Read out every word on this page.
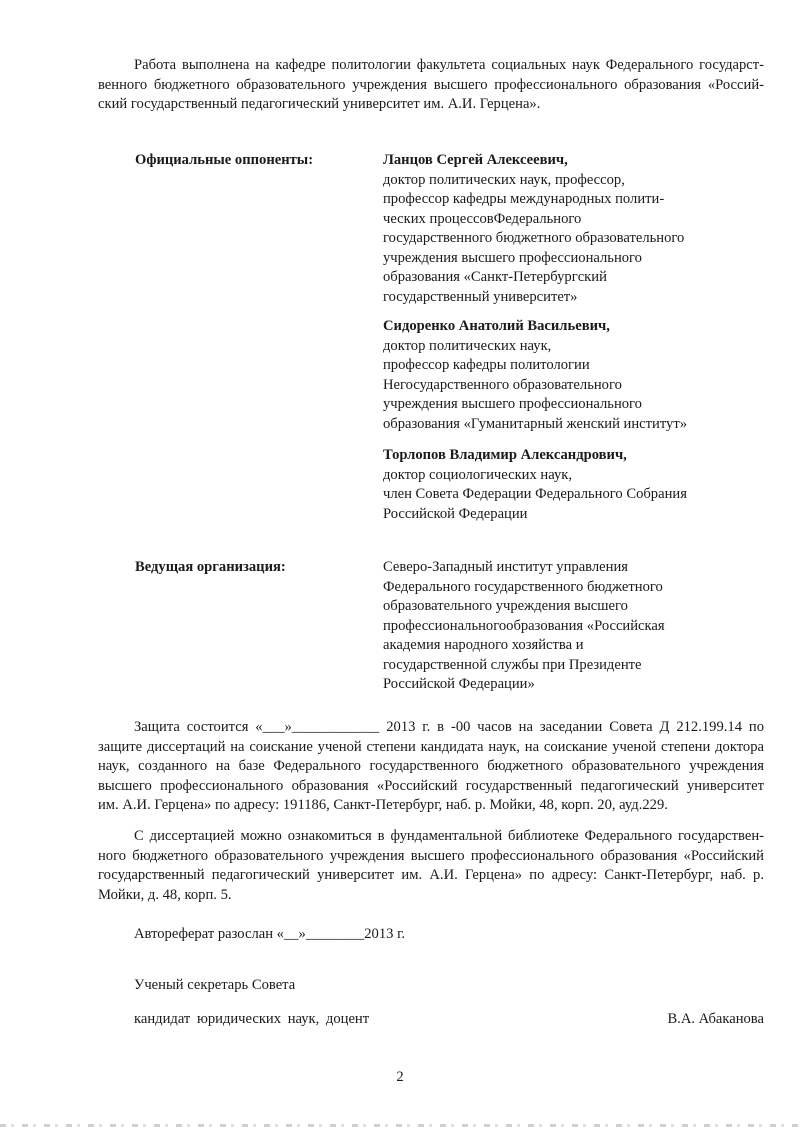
Работа выполнена на кафедре политологии факультета социальных наук Федерального государст-
венного бюджетного образовательного учреждения высшего профессионального образования «Россий-
ский государственный педагогический университет им. А.И. Герцена».

Официальные оппоненты:	Ланцов Сергей Алексеевич,
доктор политических наук, профессор,
профессор кафедры международных полити-
ческих процессовФедерального
государственного бюджетного образовательного
учреждения высшего профессионального
образования «Санкт-Петербургский
государственный университет»
Сидоренко Анатолий Васильевич,
доктор политических наук,
профессор кафедры политологии
Негосударственного образовательного
учреждения высшего профессионального
образования «Гуманитарный женский институт»
Торлопов Владимир Александрович,
доктор социологических наук,
член Совета Федерации Федерального Собрания
Российской Федерации

Ведущая организация:	Северо-Западный институт управления
Федерального государственного бюджетного
образовательного учреждения высшего
профессиональногообразования «Российская
академия народного хозяйства и
государственной службы при Президенте
Российской Федерации»
Защита состоится «___»____________ 2013 г. в -00 часов на заседании Совета Д 212.199.14 по
защите диссертаций на соискание ученой степени кандидата наук, на соискание ученой степени доктора
наук, созданного на базе Федерального государственного бюджетного образовательного учреждения
высшего профессионального образования «Российский государственный педагогический университет
им. А.И. Герцена» по адресу: 191186, Санкт-Петербург, наб. р. Мойки, 48, корп. 20, ауд.229.
С диссертацией можно ознакомиться в фундаментальной библиотеке Федерального государствен-
ного бюджетного образовательного учреждения высшего профессионального образования «Российский
государственный педагогический университет им. А.И. Герцена» по адресу: Санкт-Петербург, наб. р.
Мойки, д. 48, корп. 5.

Автореферат разослан «__»________2013 г.

Ученый секретарь Совета

кандидат юридических наук, доцент	В.А. Абаканова

2
